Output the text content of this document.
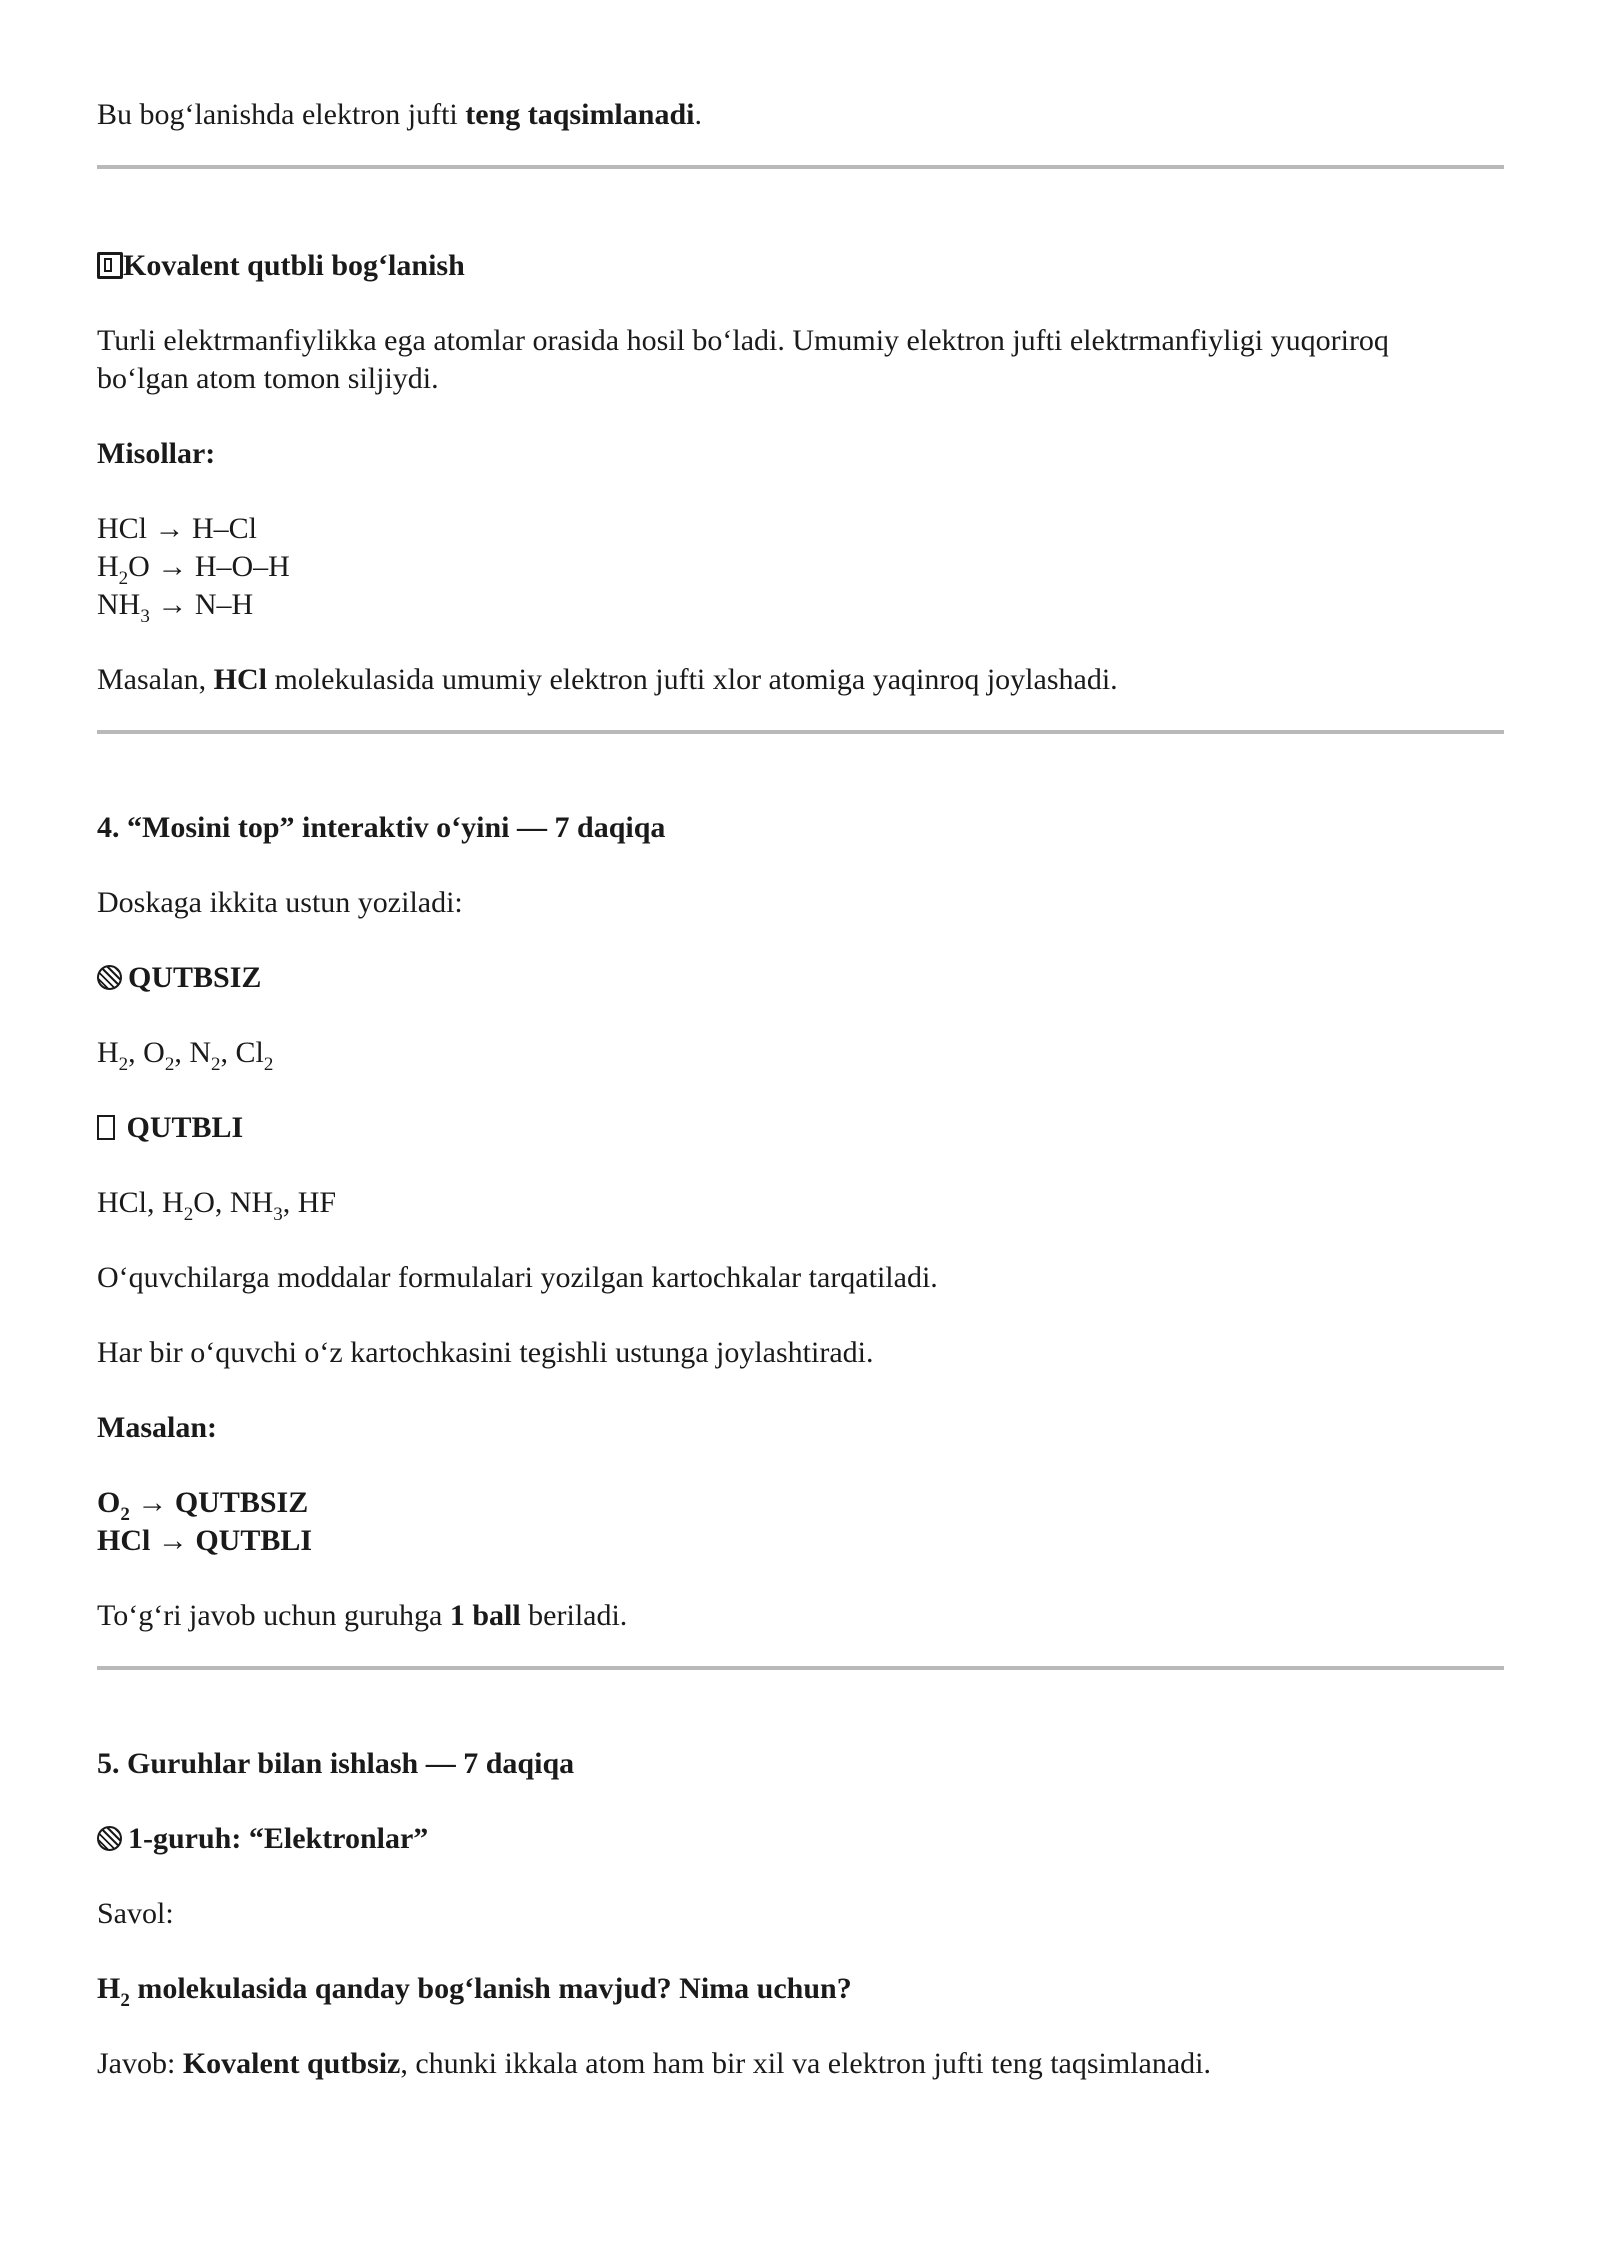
Bu bog‘lanishda elektron jufti teng taqsimlanadi.

Kovalent qutbli bog‘lanish

Turli elektrmanfiylikka ega atomlar orasida hosil bo‘ladi. Umumiy elektron jufti elektrmanfiyligi yuqoriroq
bo‘lgan atom tomon siljiydi.

Misollar:

HCl → H–Cl

$H_2O \to H-O-H$

$NH_3 \to N-H$

Masalan, HCl molekulasida umumiy elektron jufti xlor atomiga yaqinroq joylashadi.

4. “Mosini top” interaktiv o‘yini — 7 daqiqa

Doskaga ikkita ustun yoziladi:

QUTBSIZ

$H_2$, $O_2$, $N_2$, $Cl_2$

QUTBLI

HCl, $H_2O$, $NH_3$, HF

O‘quvchilarga moddalar formulalari yozilgan kartochkalar tarqatiladi.

Har bir o‘quvchi o‘z kartochkasini tegishli ustunga joylashtiradi.

Masalan:

$O_2$ → QUTBSIZ

HCl → QUTBLI

To‘g‘ri javob uchun guruhga 1 ball beriladi.

5. Guruhlar bilan ishlash — 7 daqiqa

1-guruh: “Elektronlar”

Savol:

$H_2$ molekulasida qanday bog‘lanish mavjud? Nima uchun?

Javob: Kovalent qutbsiz, chunki ikkala atom ham bir xil va elektron jufti teng taqsimlanadi.
